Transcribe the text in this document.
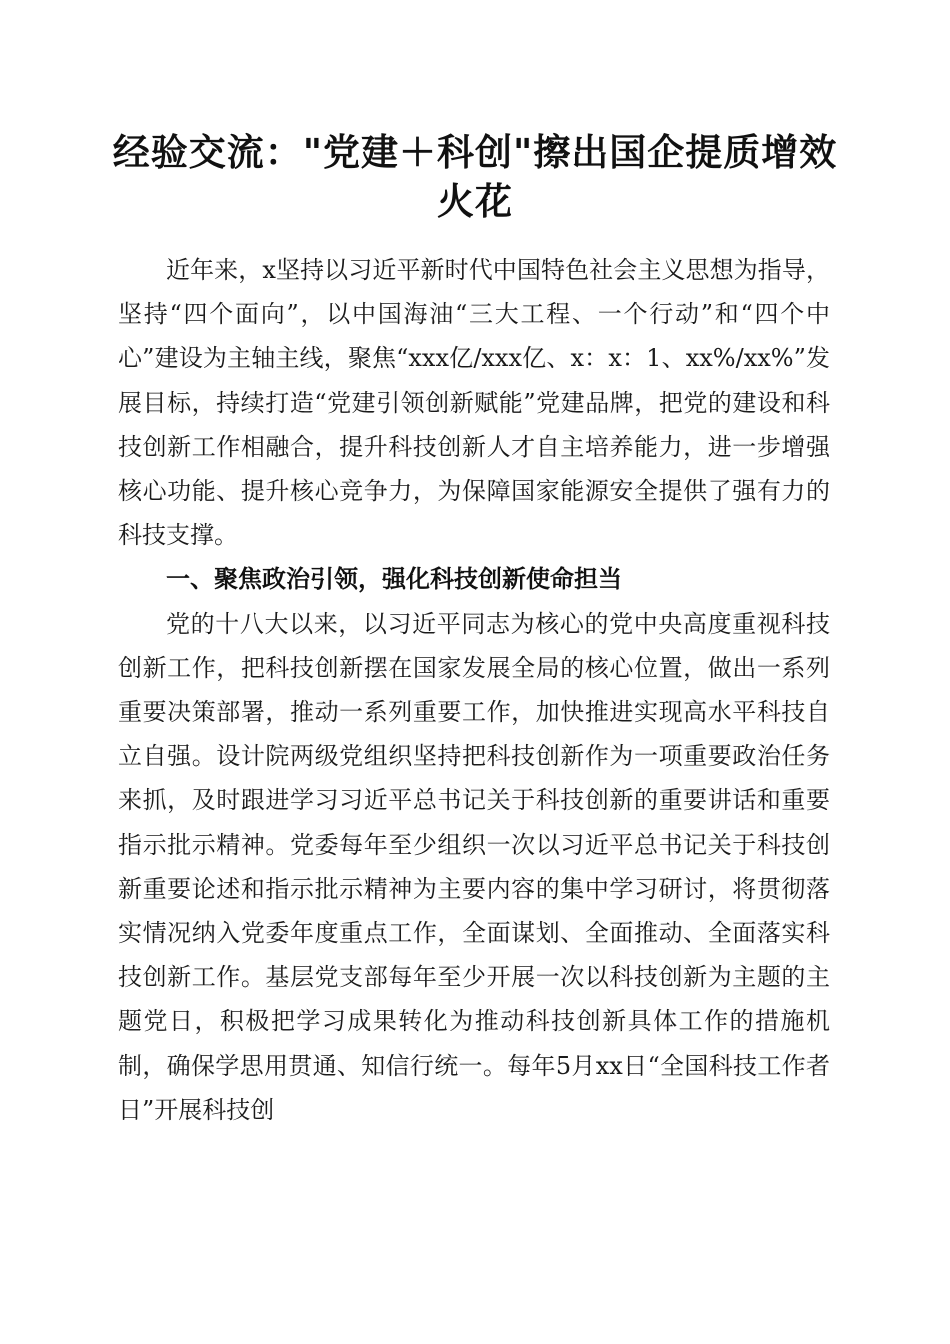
经验交流："党建＋科创"擦出国企提质增效
火花

近年来，x坚持以习近平新时代中国特色社会主义思想为指导，坚持“四个面向”，以中国海油“三大工程、一个行动”和“四个中心”建设为主轴主线，聚焦“xxx亿/xxx亿、x：x：1、xx%/xx%”发展目标，持续打造“党建引领创新赋能”党建品牌，把党的建设和科技创新工作相融合，提升科技创新人才自主培养能力，进一步增强核心功能、提升核心竞争力，为保障国家能源安全提供了强有力的科技支撑。

一、聚焦政治引领，强化科技创新使命担当

党的十八大以来，以习近平同志为核心的党中央高度重视科技创新工作，把科技创新摆在国家发展全局的核心位置，做出一系列重要决策部署，推动一系列重要工作，加快推进实现高水平科技自立自强。设计院两级党组织坚持把科技创新作为一项重要政治任务来抓，及时跟进学习习近平总书记关于科技创新的重要讲话和重要指示批示精神。党委每年至少组织一次以习近平总书记关于科技创新重要论述和指示批示精神为主要内容的集中学习研讨，将贯彻落实情况纳入党委年度重点工作，全面谋划、全面推动、全面落实科技创新工作。基层党支部每年至少开展一次以科技创新为主题的主题党日，积极把学习成果转化为推动科技创新具体工作的措施机制，确保学思用贯通、知信行统一。每年5月xx日“全国科技工作者日”开展科技创
